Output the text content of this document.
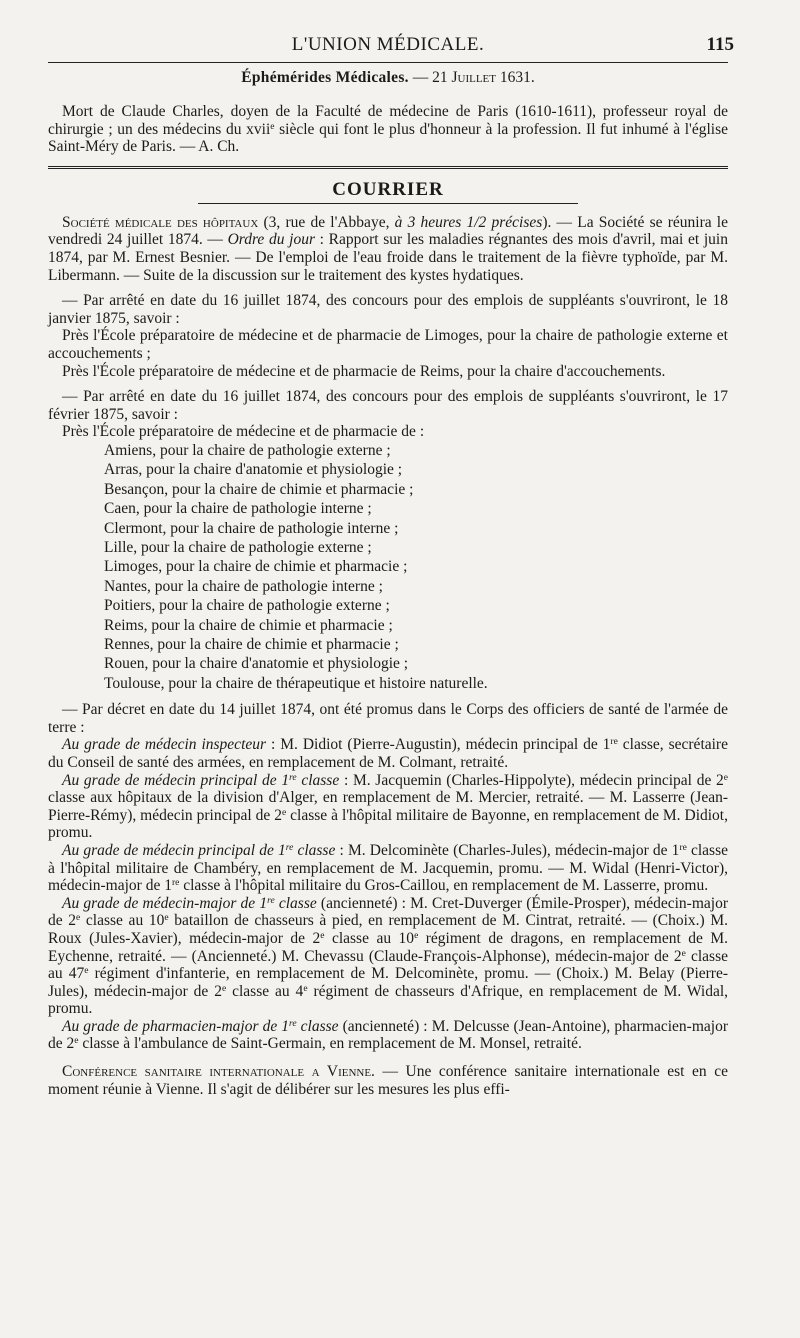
L'UNION MÉDICALE.	115
Éphémérides Médicales. — 21 Juillet 1631.

Mort de Claude Charles, doyen de la Faculté de médecine de Paris (1610-1611), professeur royal de chirurgie ; un des médecins du xvii$^e$ siècle qui font le plus d'honneur à la profession. Il fut inhumé à l'église Saint-Méry de Paris. — A. Ch.

COURRIER

Société médicale des hôpitaux (3, rue de l'Abbaye, à 3 heures 1/2 précises). — La Société se réunira le vendredi 24 juillet 1874. — Ordre du jour : Rapport sur les maladies régnantes des mois d'avril, mai et juin 1874, par M. Ernest Besnier. — De l'emploi de l'eau froide dans le traitement de la fièvre typhoïde, par M. Libermann. — Suite de la discussion sur le traitement des kystes hydatiques.

— Par arrêté en date du 16 juillet 1874, des concours pour des emplois de suppléants s'ouvriront, le 18 janvier 1875, savoir :

Près l'École préparatoire de médecine et de pharmacie de Limoges, pour la chaire de pathologie externe et accouchements ;

Près l'École préparatoire de médecine et de pharmacie de Reims, pour la chaire d'accouchements.

— Par arrêté en date du 16 juillet 1874, des concours pour des emplois de suppléants s'ouvriront, le 17 février 1875, savoir :

Près l'École préparatoire de médecine et de pharmacie de :

Amiens, pour la chaire de pathologie externe ;
Arras, pour la chaire d'anatomie et physiologie ;
Besançon, pour la chaire de chimie et pharmacie ;
Caen, pour la chaire de pathologie interne ;
Clermont, pour la chaire de pathologie interne ;
Lille, pour la chaire de pathologie externe ;
Limoges, pour la chaire de chimie et pharmacie ;
Nantes, pour la chaire de pathologie interne ;
Poitiers, pour la chaire de pathologie externe ;
Reims, pour la chaire de chimie et pharmacie ;
Rennes, pour la chaire de chimie et pharmacie ;
Rouen, pour la chaire d'anatomie et physiologie ;
Toulouse, pour la chaire de thérapeutique et histoire naturelle.

— Par décret en date du 14 juillet 1874, ont été promus dans le Corps des officiers de santé de l'armée de terre :

Au grade de médecin inspecteur : M. Didiot (Pierre-Augustin), médecin principal de 1re classe, secrétaire du Conseil de santé des armées, en remplacement de M. Colmant, retraité.

Au grade de médecin principal de 1re classe : M. Jacquemin (Charles-Hippolyte), médecin principal de 2e classe aux hôpitaux de la division d'Alger, en remplacement de M. Mercier, retraité. — M. Lasserre (Jean-Pierre-Rémy), médecin principal de 2e classe à l'hôpital militaire de Bayonne, en remplacement de M. Didiot, promu.

Au grade de médecin principal de 1re classe : M. Delcominète (Charles-Jules), médecin-major de 1re classe à l'hôpital militaire de Chambéry, en remplacement de M. Jacquemin, promu. — M. Widal (Henri-Victor), médecin-major de 1re classe à l'hôpital militaire du Gros-Caillou, en remplacement de M. Lasserre, promu.

Au grade de médecin-major de 1re classe (ancienneté) : M. Cret-Duverger (Émile-Prosper), médecin-major de 2e classe au 10e bataillon de chasseurs à pied, en remplacement de M. Cintrat, retraité. — (Choix.) M. Roux (Jules-Xavier), médecin-major de 2e classe au 10e régiment de dragons, en remplacement de M. Eychenne, retraité. — (Ancienneté.) M. Chevassu (Claude-François-Alphonse), médecin-major de 2e classe au 47e régiment d'infanterie, en remplacement de M. Delcominète, promu. — (Choix.) M. Belay (Pierre-Jules), médecin-major de 2e classe au 4e régiment de chasseurs d'Afrique, en remplacement de M. Widal, promu.

Au grade de pharmacien-major de 1re classe (ancienneté) : M. Delcusse (Jean-Antoine), pharmacien-major de 2e classe à l'ambulance de Saint-Germain, en remplacement de M. Monsel, retraité.

Conférence sanitaire internationale a Vienne. — Une conférence sanitaire internationale est en ce moment réunie à Vienne. Il s'agit de délibérer sur les mesures les plus effi-
